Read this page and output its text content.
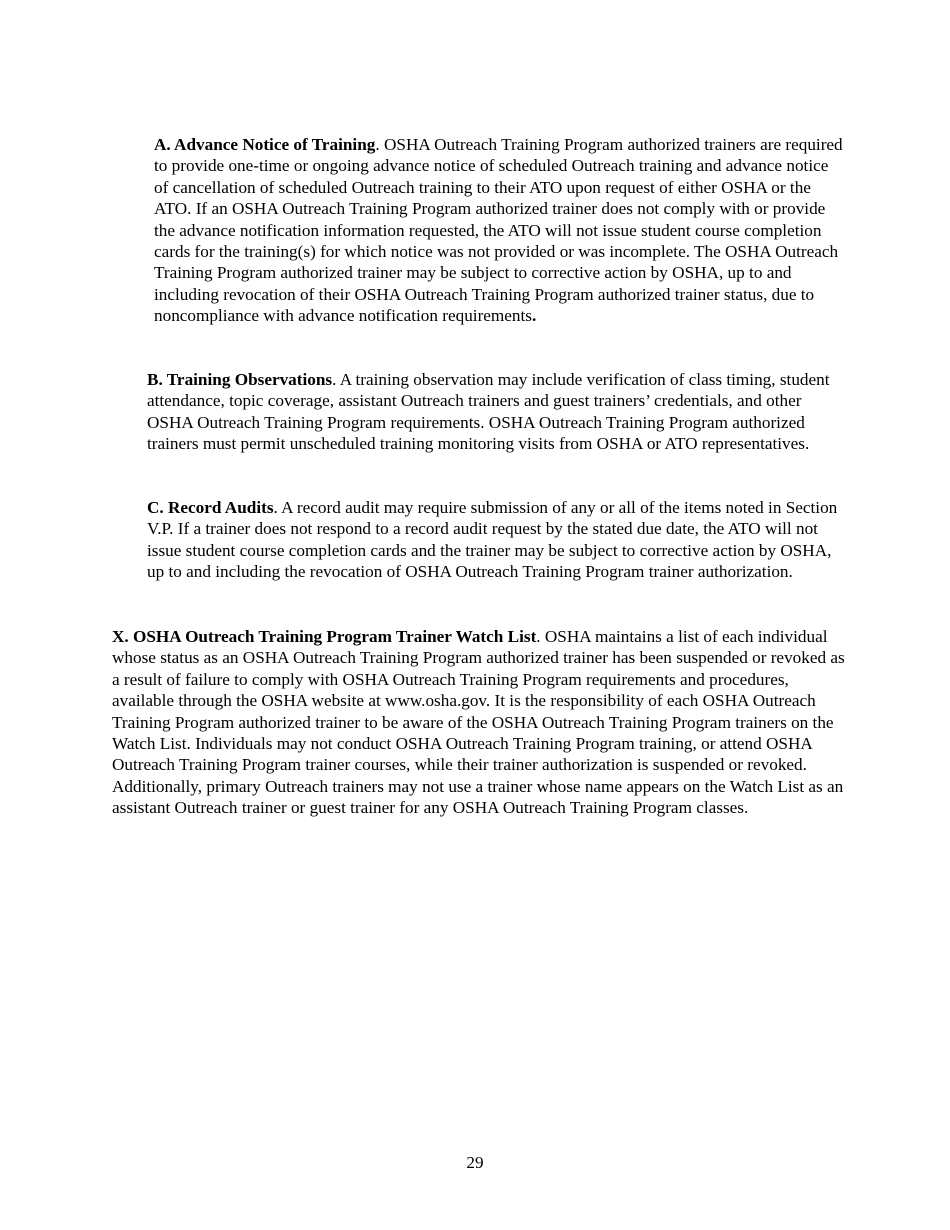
A. Advance Notice of Training. OSHA Outreach Training Program authorized trainers are required to provide one-time or ongoing advance notice of scheduled Outreach training and advance notice of cancellation of scheduled Outreach training to their ATO upon request of either OSHA or the ATO. If an OSHA Outreach Training Program authorized trainer does not comply with or provide the advance notification information requested, the ATO will not issue student course completion cards for the training(s) for which notice was not provided or was incomplete. The OSHA Outreach Training Program authorized trainer may be subject to corrective action by OSHA, up to and including revocation of their OSHA Outreach Training Program authorized trainer status, due to noncompliance with advance notification requirements.

B. Training Observations. A training observation may include verification of class timing, student attendance, topic coverage, assistant Outreach trainers and guest trainers’ credentials, and other OSHA Outreach Training Program requirements. OSHA Outreach Training Program authorized trainers must permit unscheduled training monitoring visits from OSHA or ATO representatives.

C. Record Audits. A record audit may require submission of any or all of the items noted in Section V.P. If a trainer does not respond to a record audit request by the stated due date, the ATO will not issue student course completion cards and the trainer may be subject to corrective action by OSHA, up to and including the revocation of OSHA Outreach Training Program trainer authorization.

X. OSHA Outreach Training Program Trainer Watch List. OSHA maintains a list of each individual whose status as an OSHA Outreach Training Program authorized trainer has been suspended or revoked as a result of failure to comply with OSHA Outreach Training Program requirements and procedures, available through the OSHA website at www.osha.gov. It is the responsibility of each OSHA Outreach Training Program authorized trainer to be aware of the OSHA Outreach Training Program trainers on the Watch List. Individuals may not conduct OSHA Outreach Training Program training, or attend OSHA Outreach Training Program trainer courses, while their trainer authorization is suspended or revoked. Additionally, primary Outreach trainers may not use a trainer whose name appears on the Watch List as an assistant Outreach trainer or guest trainer for any OSHA Outreach Training Program classes.

29
